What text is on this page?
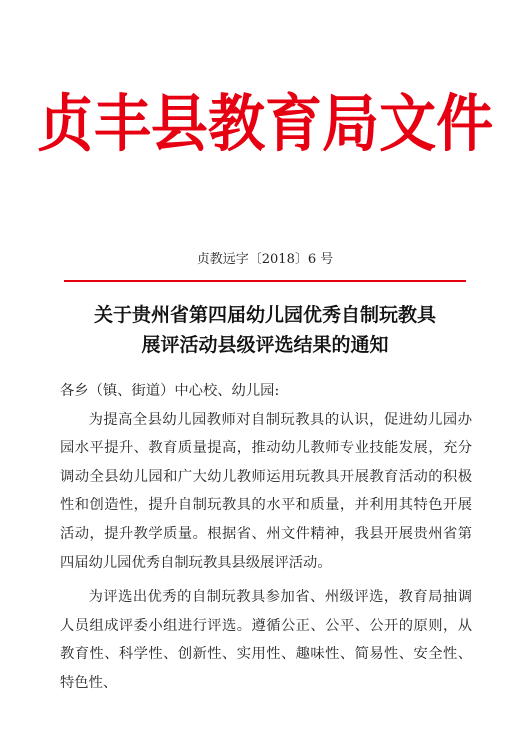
贞丰县教育局文件
贞教远字〔2018〕6 号
关于贵州省第四届幼儿园优秀自制玩教具
展评活动县级评选结果的通知

各乡（镇、街道）中心校、幼儿园:

为提高全县幼儿园教师对自制玩教具的认识，促进幼儿园办园水平提升、教育质量提高，推动幼儿教师专业技能发展，充分调动全县幼儿园和广大幼儿教师运用玩教具开展教育活动的积极性和创造性，提升自制玩教具的水平和质量，并利用其特色开展活动，提升教学质量。根据省、州文件精神，我县开展贵州省第四届幼儿园优秀自制玩教具县级展评活动。

为评选出优秀的自制玩教具参加省、州级评选，教育局抽调人员组成评委小组进行评选。遵循公正、公平、公开的原则，从教育性、科学性、创新性、实用性、趣味性、简易性、安全性、特色性、
